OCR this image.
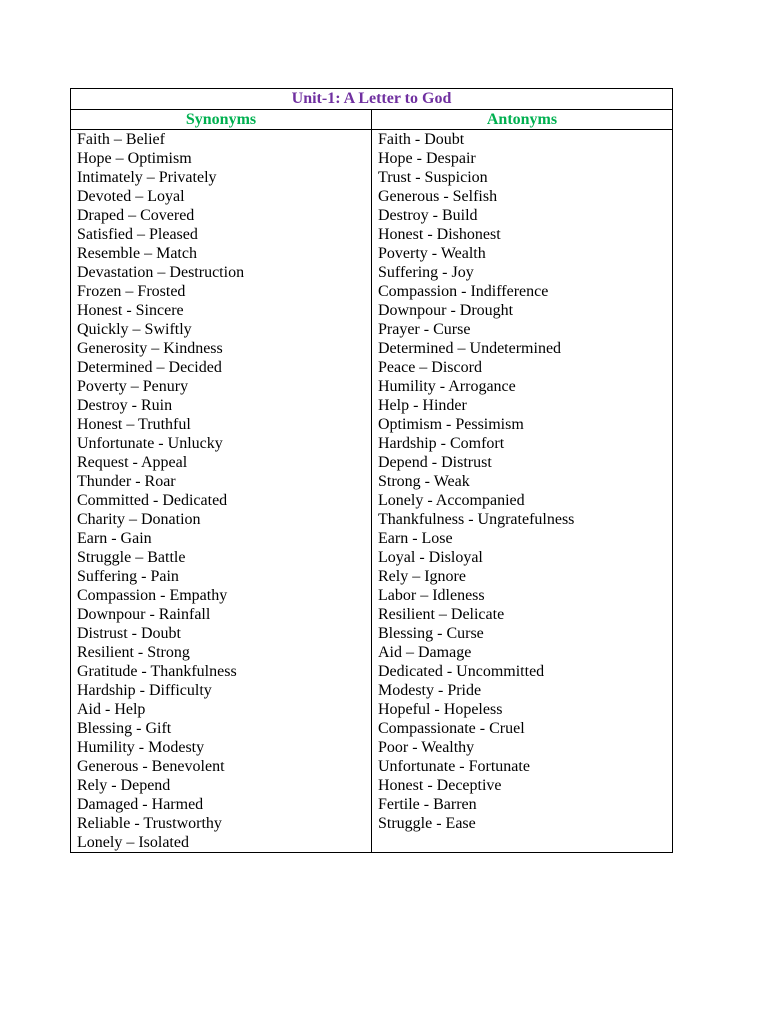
Unit-1: A Letter to God
Synonyms	Antonyms
Faith – Belief
Hope – Optimism
Intimately – Privately
Devoted – Loyal
Draped – Covered
Satisfied – Pleased
Resemble – Match
Devastation – Destruction
Frozen – Frosted
Honest - Sincere
Quickly – Swiftly
Generosity – Kindness
Determined – Decided
Poverty – Penury
Destroy - Ruin
Honest – Truthful
Unfortunate - Unlucky
Request - Appeal
Thunder - Roar
Committed - Dedicated
Charity – Donation
Earn - Gain
Struggle – Battle
Suffering - Pain
Compassion - Empathy
Downpour - Rainfall
Distrust - Doubt
Resilient - Strong
Gratitude - Thankfulness
Hardship - Difficulty
Aid - Help
Blessing - Gift
Humility - Modesty
Generous - Benevolent
Rely - Depend
Damaged - Harmed
Reliable - Trustworthy
Lonely – Isolated
Faith - Doubt
Hope - Despair
Trust - Suspicion
Generous - Selfish
Destroy - Build
Honest - Dishonest
Poverty - Wealth
Suffering - Joy
Compassion - Indifference
Downpour - Drought
Prayer - Curse
Determined – Undetermined
Peace – Discord
Humility - Arrogance
Help - Hinder
Optimism - Pessimism
Hardship - Comfort
Depend - Distrust
Strong - Weak
Lonely - Accompanied
Thankfulness - Ungratefulness
Earn - Lose
Loyal - Disloyal
Rely – Ignore
Labor – Idleness
Resilient – Delicate
Blessing - Curse
Aid – Damage
Dedicated - Uncommitted
Modesty - Pride
Hopeful - Hopeless
Compassionate - Cruel
Poor - Wealthy
Unfortunate - Fortunate
Honest - Deceptive
Fertile - Barren
Struggle - Ease
